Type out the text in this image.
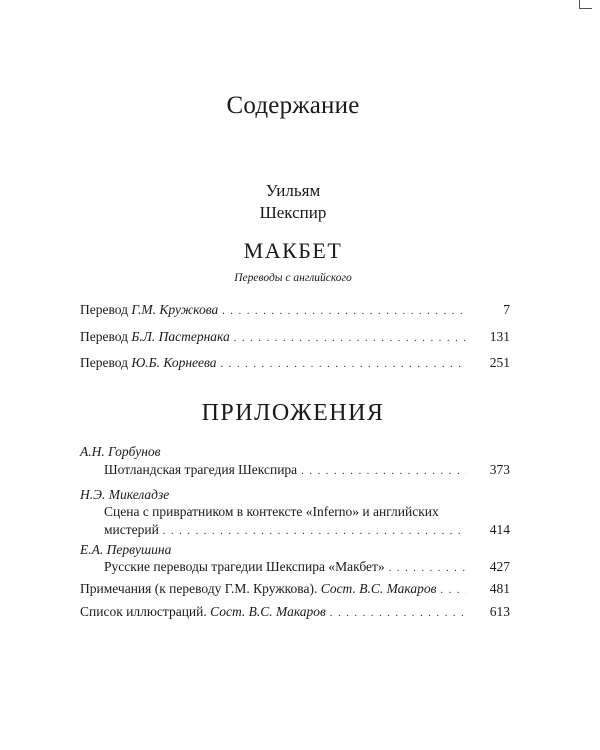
Содержание
Уильям
Шекспир
МАКБЕТ
Переводы с английского
Перевод Г.М. Кружкова . . .	7
Перевод Б.Л. Пастернака . . .	131
Перевод Ю.Б. Корнеева . . .	251
ПРИЛОЖЕНИЯ
А.Н. Горбунов
Шотландская трагедия Шекспира . . .	373
Н.Э. Микеладзе
Сцена с привратником в контексте «Inferno» и английских
мистерий . . .	414
Е.А. Первушина
Русские переводы трагедии Шекспира «Макбет» . . .	427
Примечания (к переводу Г.М. Кружкова). Сост. В.С. Макаров . . .	481
Список иллюстраций. Сост. В.С. Макаров . . .	613
